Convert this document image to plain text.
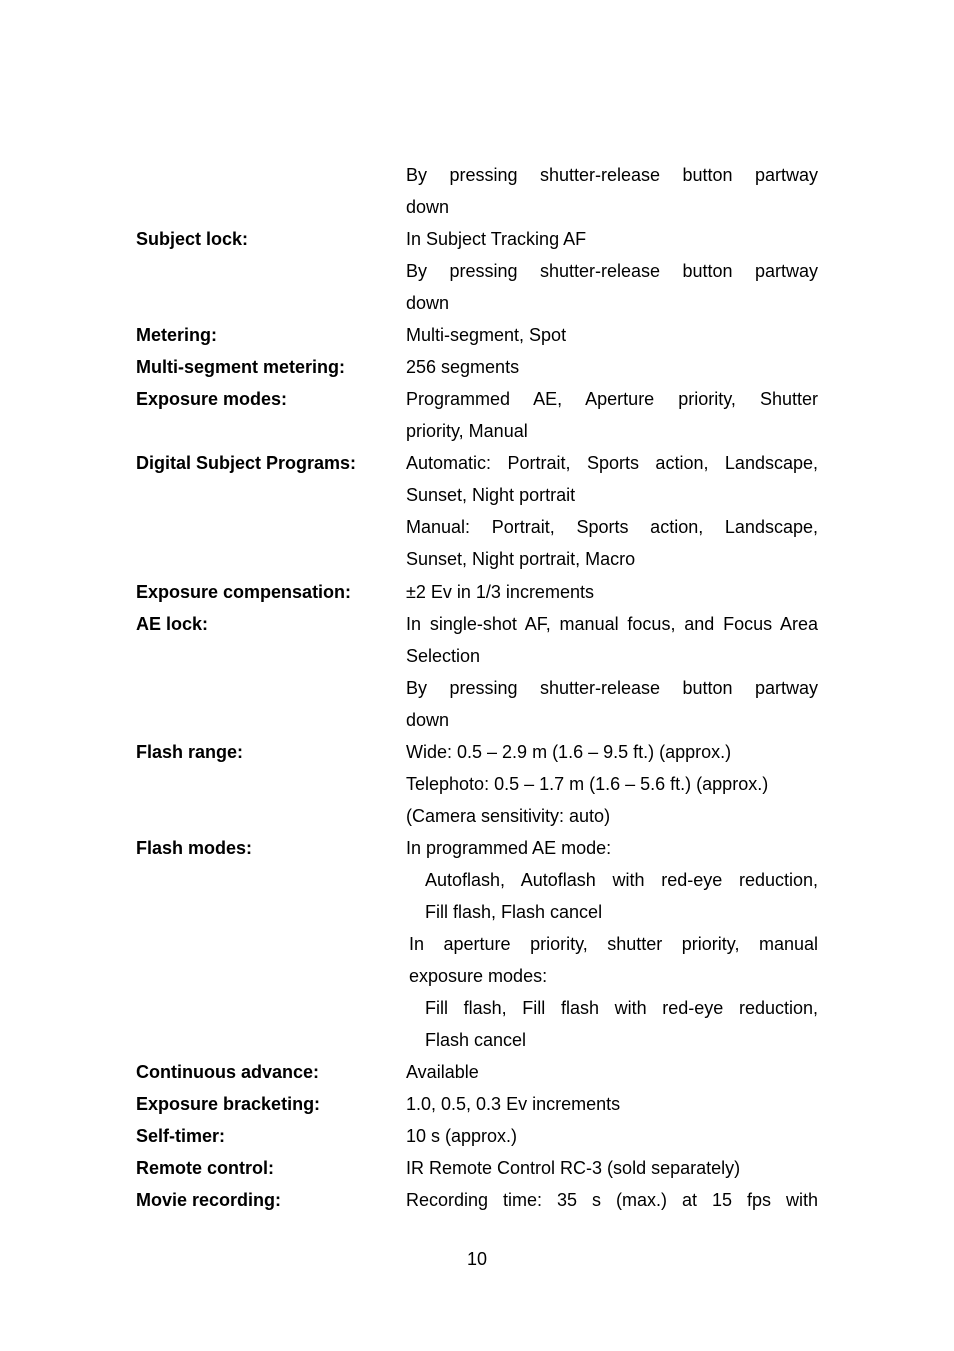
By pressing shutter-release button partway
down
Subject lock:	In Subject Tracking AF
By pressing shutter-release button partway
down
Metering:	Multi-segment, Spot
Multi-segment metering:	256 segments
Exposure modes:	Programmed AE, Aperture priority, Shutter
priority, Manual
Digital Subject Programs:	Automatic: Portrait, Sports action, Landscape,
Sunset, Night portrait
Manual: Portrait, Sports action, Landscape,
Sunset, Night portrait, Macro
Exposure compensation:	±2 Ev in 1/3 increments
AE lock:	In single-shot AF, manual focus, and Focus Area
Selection
By pressing shutter-release button partway
down
Flash range:	Wide: 0.5 – 2.9 m (1.6 – 9.5 ft.) (approx.)
Telephoto: 0.5 – 1.7 m (1.6 – 5.6 ft.) (approx.)
(Camera sensitivity: auto)
Flash modes:	In programmed AE mode:
Autoflash, Autoflash with red-eye reduction,
Fill flash, Flash cancel
In aperture priority, shutter priority, manual
exposure modes:
Fill flash, Fill flash with red-eye reduction,
Flash cancel
Continuous advance:	Available
Exposure bracketing:	1.0, 0.5, 0.3 Ev increments
Self-timer:	10 s (approx.)
Remote control:	IR Remote Control RC-3 (sold separately)
Movie recording:	Recording time: 35 s (max.) at 15 fps with
10
